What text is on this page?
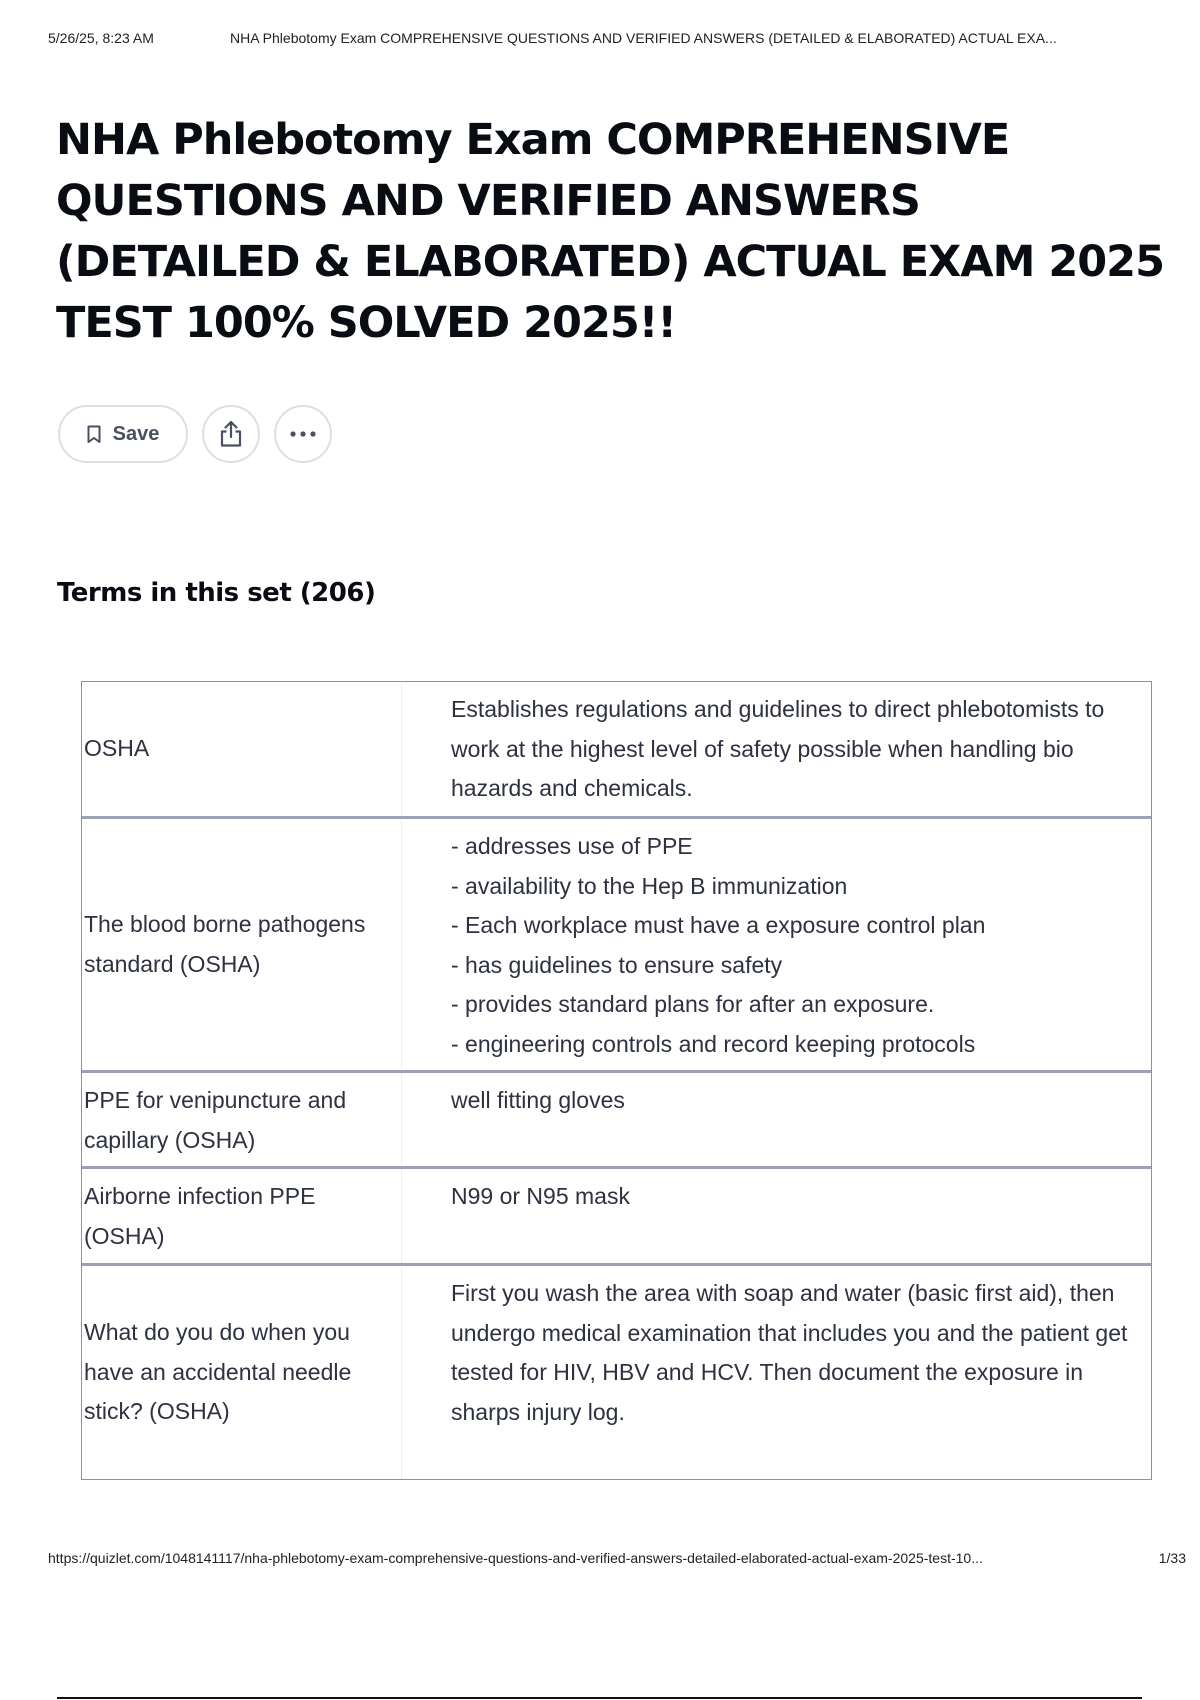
5/26/25, 8:23 AM	NHA Phlebotomy Exam COMPREHENSIVE QUESTIONS AND VERIFIED ANSWERS (DETAILED & ELABORATED) ACTUAL EXA...
NHA Phlebotomy Exam COMPREHENSIVE QUESTIONS AND VERIFIED ANSWERS (DETAILED & ELABORATED) ACTUAL EXAM 2025 TEST 100% SOLVED 2025!!
Save
Terms in this set (206)
OSHA
Establishes regulations and guidelines to direct phlebotomists to work at the highest level of safety possible when handling bio hazards and chemicals.
The blood borne pathogens standard (OSHA)
- addresses use of PPE
- availability to the Hep B immunization
- Each workplace must have a exposure control plan
- has guidelines to ensure safety
- provides standard plans for after an exposure.
- engineering controls and record keeping protocols
PPE for venipuncture and capillary (OSHA)
well fitting gloves
Airborne infection PPE (OSHA)
N99 or N95 mask
What do you do when you have an accidental needle stick? (OSHA)
First you wash the area with soap and water (basic first aid), then undergo medical examination that includes you and the patient get tested for HIV, HBV and HCV. Then document the exposure in sharps injury log.
https://quizlet.com/1048141117/nha-phlebotomy-exam-comprehensive-questions-and-verified-answers-detailed-elaborated-actual-exam-2025-test-10...	1/33
